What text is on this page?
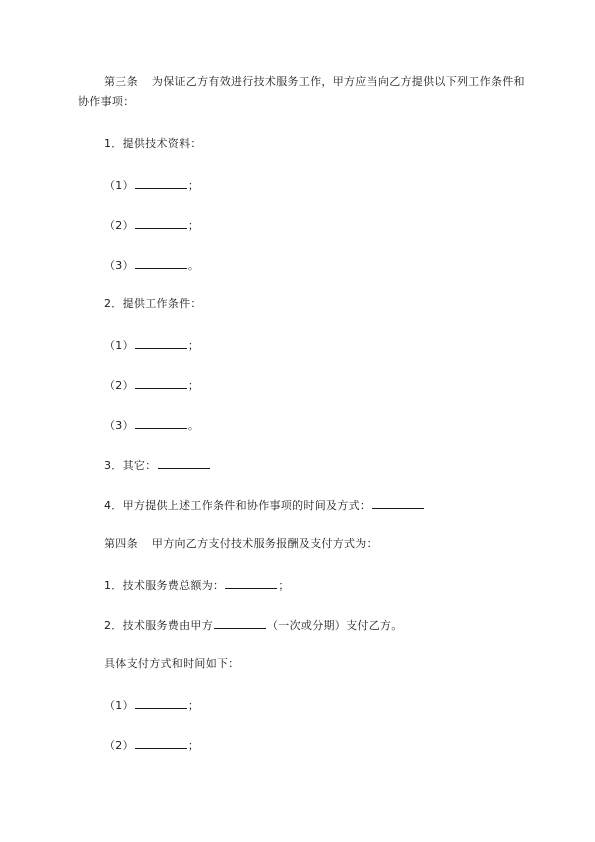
第三条 为保证乙方有效进行技术服务工作，甲方应当向乙方提供以下列工作条件和协作事项：
1．提供技术资料：
（1）	；
（2）	；
（3）	。
2．提供工作条件：
（1）	；
（2）	；
（3）	。
3．其它：
4．甲方提供上述工作条件和协作事项的时间及方式：
第四条 甲方向乙方支付技术服务报酬及支付方式为：
1．技术服务费总额为：	；
2．技术服务费由甲方	（一次或分期）支付乙方。
具体支付方式和时间如下：
（1）	；
（2）	；
